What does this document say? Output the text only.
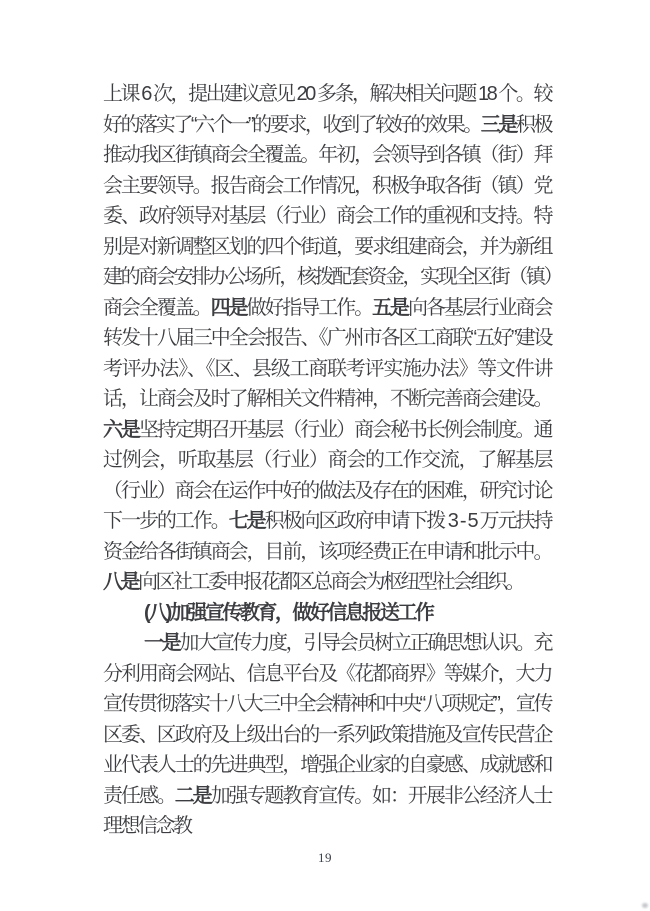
上课 6 次，提出建议意见 20 多条，解决相关问题 18 个。较好的落实了“六个一”的要求，收到了较好的效果。三是积极推动我区街镇商会全覆盖。年初，会领导到各镇（街）拜会主要领导。报告商会工作情况，积极争取各街（镇）党委、政府领导对基层（行业）商会工作的重视和支持。特别是对新调整区划的四个街道，要求组建商会，并为新组建的商会安排办公场所，核拨配套资金，实现全区街（镇）商会全覆盖。四是做好指导工作。五是向各基层行业商会转发十八届三中全会报告、《广州市各区工商联“五好”建设考评办法》、《区、县级工商联考评实施办法》等文件讲话，让商会及时了解相关文件精神，不断完善商会建设。六是坚持定期召开基层（行业）商会秘书长例会制度。通过例会，听取基层（行业）商会的工作交流，了解基层（行业）商会在运作中好的做法及存在的困难，研究讨论下一步的工作。七是积极向区政府申请下拨 3 - 5 万元扶持资金给各街镇商会，目前，该项经费正在申请和批示中。八是向区社工委申报花都区总商会为枢纽型社会组织。

(八)加强宣传教育，做好信息报送工作

一是加大宣传力度，引导会员树立正确思想认识。充分利用商会网站、信息平台及《花都商界》等媒介，大力宣传贯彻落实十八大三中全会精神和中央“八项规定”，宣传区委、区政府及上级出台的一系列政策措施及宣传民营企业代表人士的先进典型，增强企业家的自豪感、成就感和责任感。二是加强专题教育宣传。如：开展非公经济人士理想信念教

19
